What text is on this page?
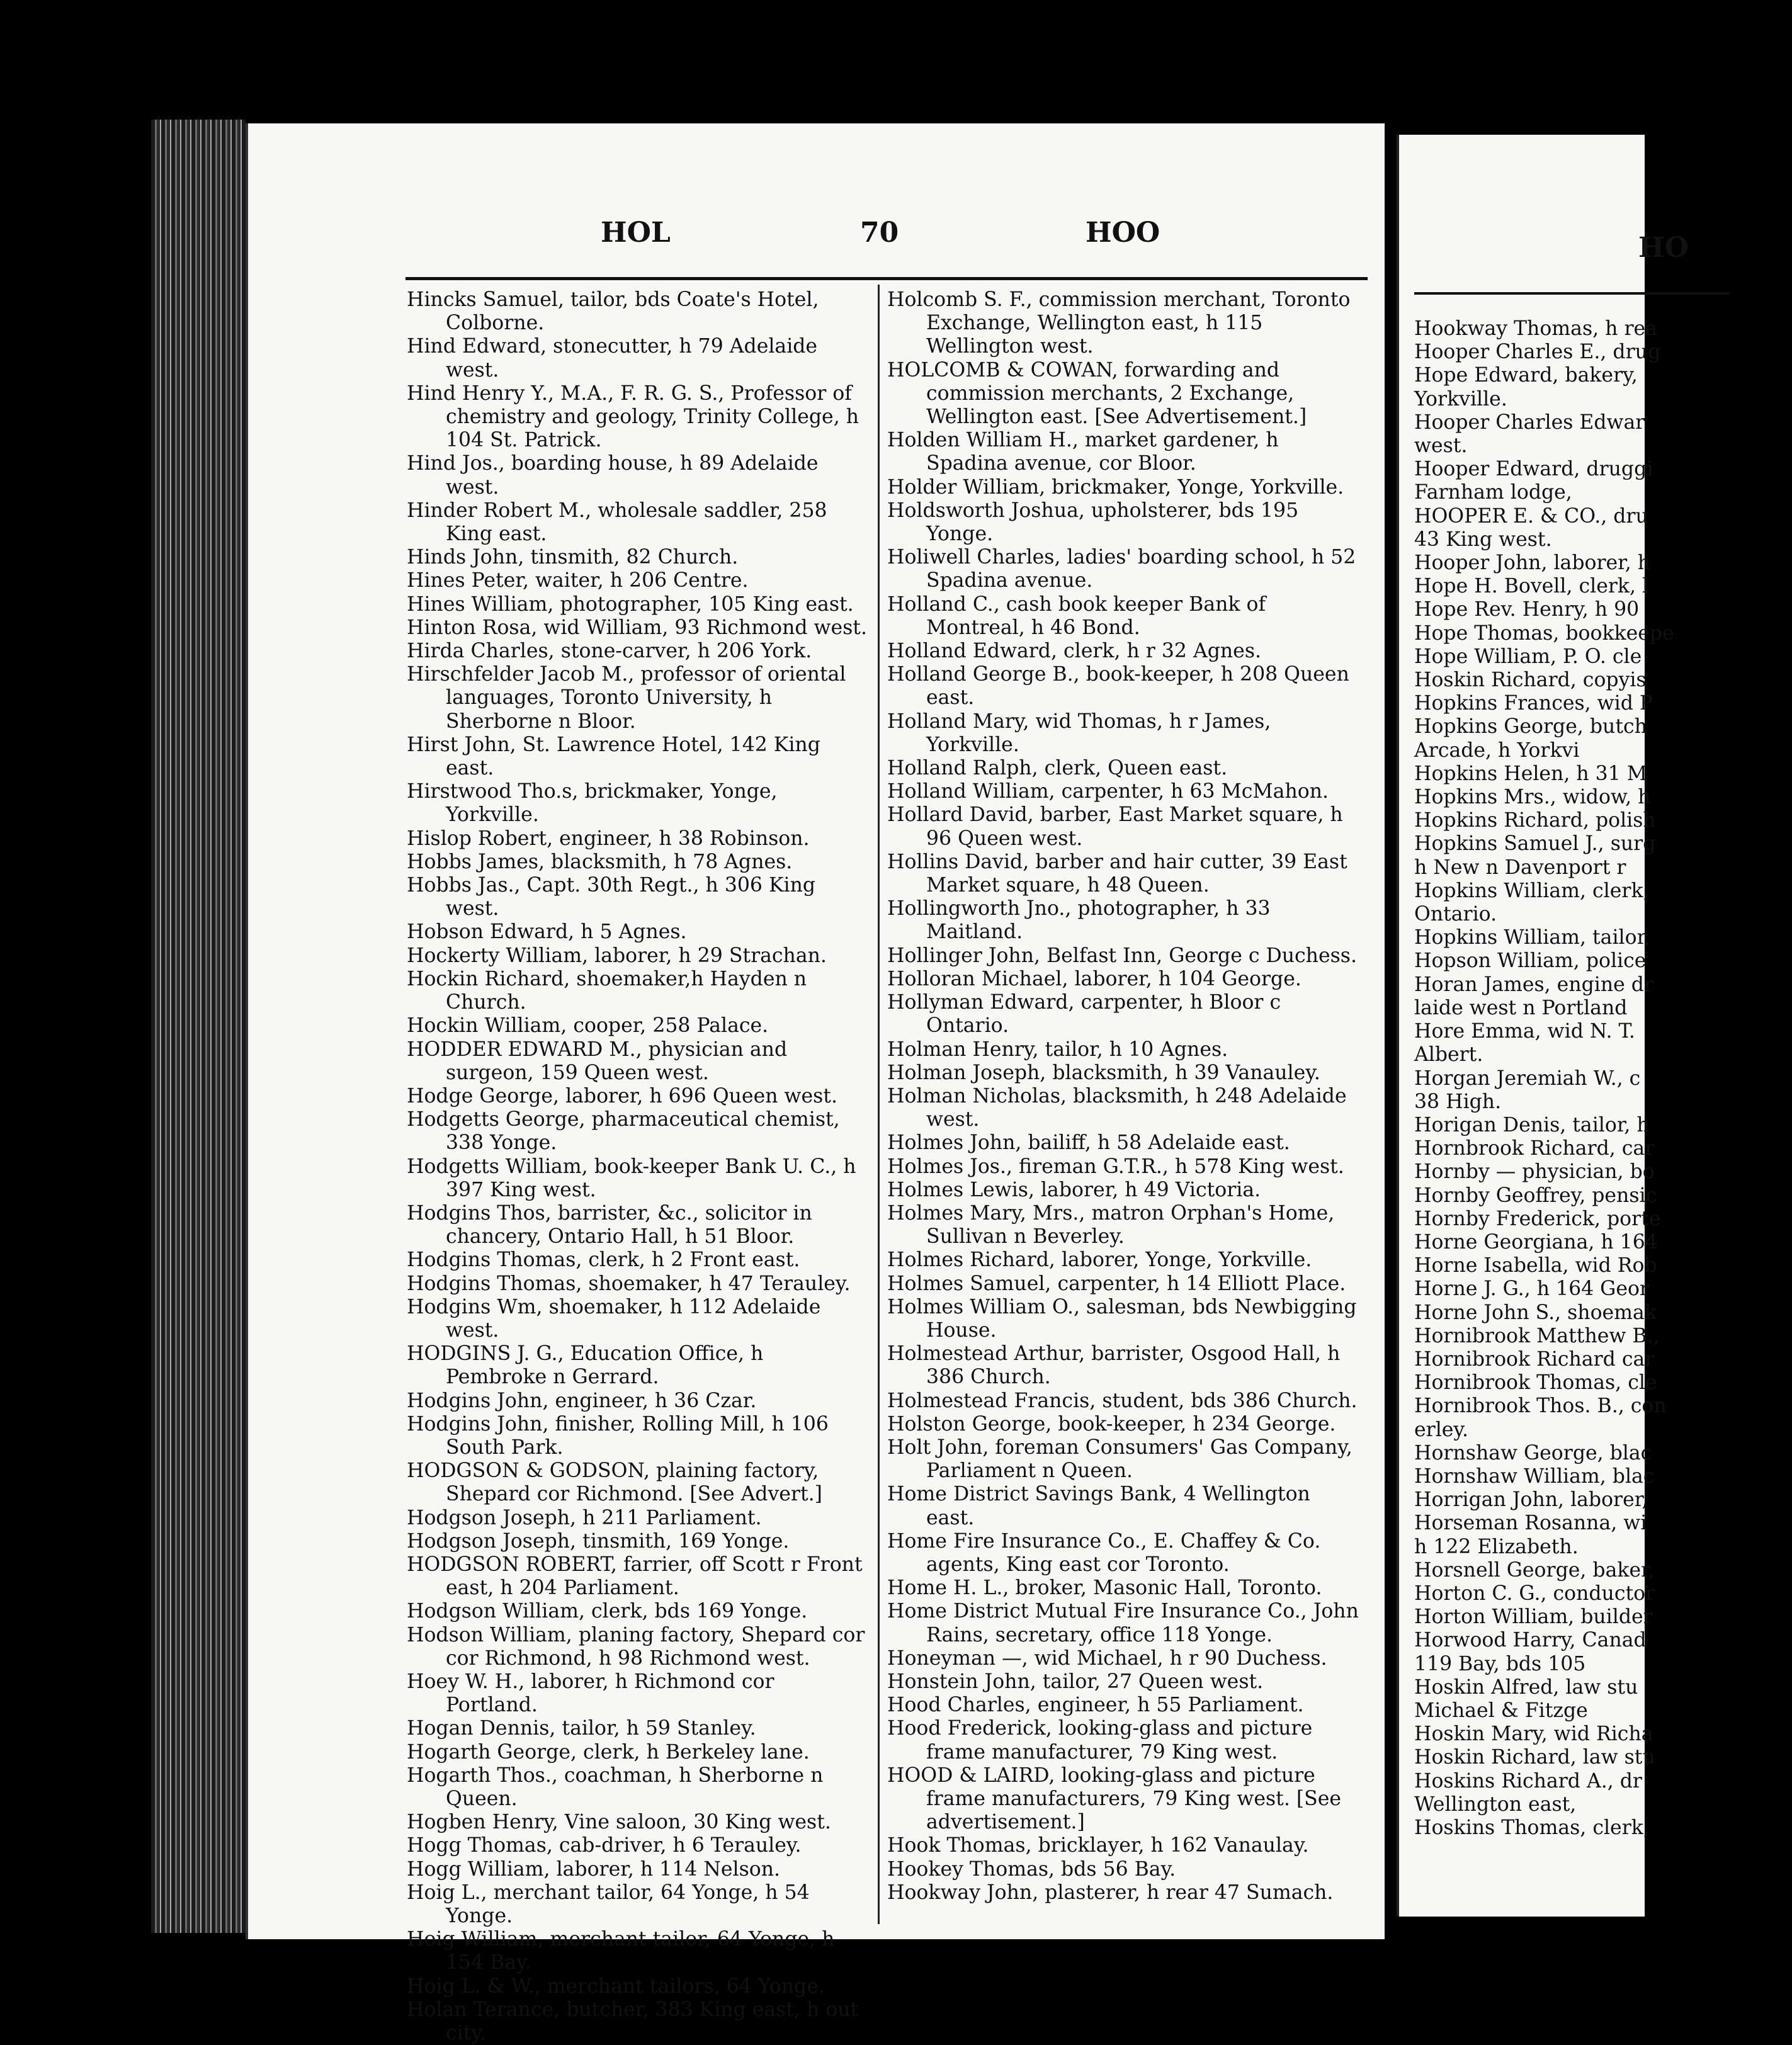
HOL	70	HOO
Hincks Samuel, tailor, bds Coate's Hotel, Colborne.
Hind Edward, stonecutter, h 79 Adelaide west.
Hind Henry Y., M.A., F. R. G. S., Professor of chemistry and geology, Trinity College, h 104 St. Patrick.
Hind Jos., boarding house, h 89 Adelaide west.
Hinder Robert M., wholesale saddler, 258 King east.
Hinds John, tinsmith, 82 Church.
Hines Peter, waiter, h 206 Centre.
Hines William, photographer, 105 King east.
Hinton Rosa, wid William, 93 Richmond west.
Hirda Charles, stone-carver, h 206 York.
Hirschfelder Jacob M., professor of oriental languages, Toronto University, h Sherborne n Bloor.
Hirst John, St. Lawrence Hotel, 142 King east.
Hirstwood Tho.s, brickmaker, Yonge, Yorkville.
Hislop Robert, engineer, h 38 Robinson.
Hobbs James, blacksmith, h 78 Agnes.
Hobbs Jas., Capt. 30th Regt., h 306 King west.
Hobson Edward, h 5 Agnes.
Hockerty William, laborer, h 29 Strachan.
Hockin Richard, shoemaker,h Hayden n Church.
Hockin William, cooper, 258 Palace.
HODDER EDWARD M., physician and surgeon, 159 Queen west.
Hodge George, laborer, h 696 Queen west.
Hodgetts George, pharmaceutical chemist, 338 Yonge.
Hodgetts William, book-keeper Bank U. C., h 397 King west.
Hodgins Thos, barrister, &c., solicitor in chancery, Ontario Hall, h 51 Bloor.
Hodgins Thomas, clerk, h 2 Front east.
Hodgins Thomas, shoemaker, h 47 Terauley.
Hodgins Wm, shoemaker, h 112 Adelaide west.
HODGINS J. G., Education Office, h Pembroke n Gerrard.
Hodgins John, engineer, h 36 Czar.
Hodgins John, finisher, Rolling Mill, h 106 South Park.
HODGSON & GODSON, plaining factory, Shepard cor Richmond. [See Advert.]
Hodgson Joseph, h 211 Parliament.
Hodgson Joseph, tinsmith, 169 Yonge.
HODGSON ROBERT, farrier, off Scott r Front east, h 204 Parliament.
Hodgson William, clerk, bds 169 Yonge.
Hodson William, planing factory, Shepard cor cor Richmond, h 98 Richmond west.
Hoey W. H., laborer, h Richmond cor Portland.
Hogan Dennis, tailor, h 59 Stanley.
Hogarth George, clerk, h Berkeley lane.
Hogarth Thos., coachman, h Sherborne n Queen.
Hogben Henry, Vine saloon, 30 King west.
Hogg Thomas, cab-driver, h 6 Terauley.
Hogg William, laborer, h 114 Nelson.
Hoig L., merchant tailor, 64 Yonge, h 54 Yonge.
Hoig William, merchant tailor, 64 Yonge, h 154 Bay.
Hoig L. & W., merchant tailors, 64 Yonge.
Holan Terance, butcher, 383 King east, h out city.
Holcomb S. F., commission merchant, Toronto Exchange, Wellington east, h 115 Wellington west.
HOLCOMB & COWAN, forwarding and commission merchants, 2 Exchange, Wellington east. [See Advertisement.]
Holden William H., market gardener, h Spadina avenue, cor Bloor.
Holder William, brickmaker, Yonge, Yorkville.
Holdsworth Joshua, upholsterer, bds 195 Yonge.
Holiwell Charles, ladies' boarding school, h 52 Spadina avenue.
Holland C., cash book keeper Bank of Montreal, h 46 Bond.
Holland Edward, clerk, h r 32 Agnes.
Holland George B., book-keeper, h 208 Queen east.
Holland Mary, wid Thomas, h r James, Yorkville.
Holland Ralph, clerk, Queen east.
Holland William, carpenter, h 63 McMahon.
Hollard David, barber, East Market square, h 96 Queen west.
Hollins David, barber and hair cutter, 39 East Market square, h 48 Queen.
Hollingworth Jno., photographer, h 33 Maitland.
Hollinger John, Belfast Inn, George c Duchess.
Holloran Michael, laborer, h 104 George.
Hollyman Edward, carpenter, h Bloor c Ontario.
Holman Henry, tailor, h 10 Agnes.
Holman Joseph, blacksmith, h 39 Vanauley.
Holman Nicholas, blacksmith, h 248 Adelaide west.
Holmes John, bailiff, h 58 Adelaide east.
Holmes Jos., fireman G.T.R., h 578 King west.
Holmes Lewis, laborer, h 49 Victoria.
Holmes Mary, Mrs., matron Orphan's Home, Sullivan n Beverley.
Holmes Richard, laborer, Yonge, Yorkville.
Holmes Samuel, carpenter, h 14 Elliott Place.
Holmes William O., salesman, bds Newbigging House.
Holmestead Arthur, barrister, Osgood Hall, h 386 Church.
Holmestead Francis, student, bds 386 Church.
Holston George, book-keeper, h 234 George.
Holt John, foreman Consumers' Gas Company, Parliament n Queen.
Home District Savings Bank, 4 Wellington east.
Home Fire Insurance Co., E. Chaffey & Co. agents, King east cor Toronto.
Home H. L., broker, Masonic Hall, Toronto.
Home District Mutual Fire Insurance Co., John Rains, secretary, office 118 Yonge.
Honeyman —, wid Michael, h r 90 Duchess.
Honstein John, tailor, 27 Queen west.
Hood Charles, engineer, h 55 Parliament.
Hood Frederick, looking-glass and picture frame manufacturer, 79 King west.
HOOD & LAIRD, looking-glass and picture frame manufacturers, 79 King west. [See advertisement.]
Hook Thomas, bricklayer, h 162 Vanaulay.
Hookey Thomas, bds 56 Bay.
Hookway John, plasterer, h rear 47 Sumach.
HO
Hookway Thomas, h rea
Hooper Charles E., drug
Hope Edward, bakery,
Yorkville.
Hooper Charles Edwar
west.
Hooper Edward, druggi
Farnham lodge,
HOOPER E. & CO., dru
43 King west.
Hooper John, laborer, h
Hope H. Bovell, clerk, l
Hope Rev. Henry, h 90
Hope Thomas, bookkeepe
Hope William, P. O. cle
Hoskin Richard, copyis
Hopkins Frances, wid P
Hopkins George, butch
Arcade, h Yorkvi
Hopkins Helen, h 31 M
Hopkins Mrs., widow, h
Hopkins Richard, polish
Hopkins Samuel J., surg
h New n Davenport r
Hopkins William, clerk,
Ontario.
Hopkins William, tailor,
Hopson William, police
Horan James, engine dr
laide west n Portland
Hore Emma, wid N. T.
Albert.
Horgan Jeremiah W., c
38 High.
Horigan Denis, tailor, h
Hornbrook Richard, car
Hornby — physician, bo
Hornby Geoffrey, pensic
Hornby Frederick, porte
Horne Georgiana, h 164
Horne Isabella, wid Rob
Horne J. G., h 164 Geor
Horne John S., shoemak
Hornibrook Matthew B.,
Hornibrook Richard car
Hornibrook Thomas, cle
Hornibrook Thos. B., con
erley.
Hornshaw George, blac
Hornshaw William, blac
Horrigan John, laborer,
Horseman Rosanna, wi
h 122 Elizabeth.
Horsnell George, baker,
Horton C. G., conductor
Horton William, builder
Horwood Harry, Canad
119 Bay, bds 105
Hoskin Alfred, law stu
Michael & Fitzge
Hoskin Mary, wid Richa
Hoskin Richard, law stu
Hoskins Richard A., dr
Wellington east,
Hoskins Thomas, clerk,
